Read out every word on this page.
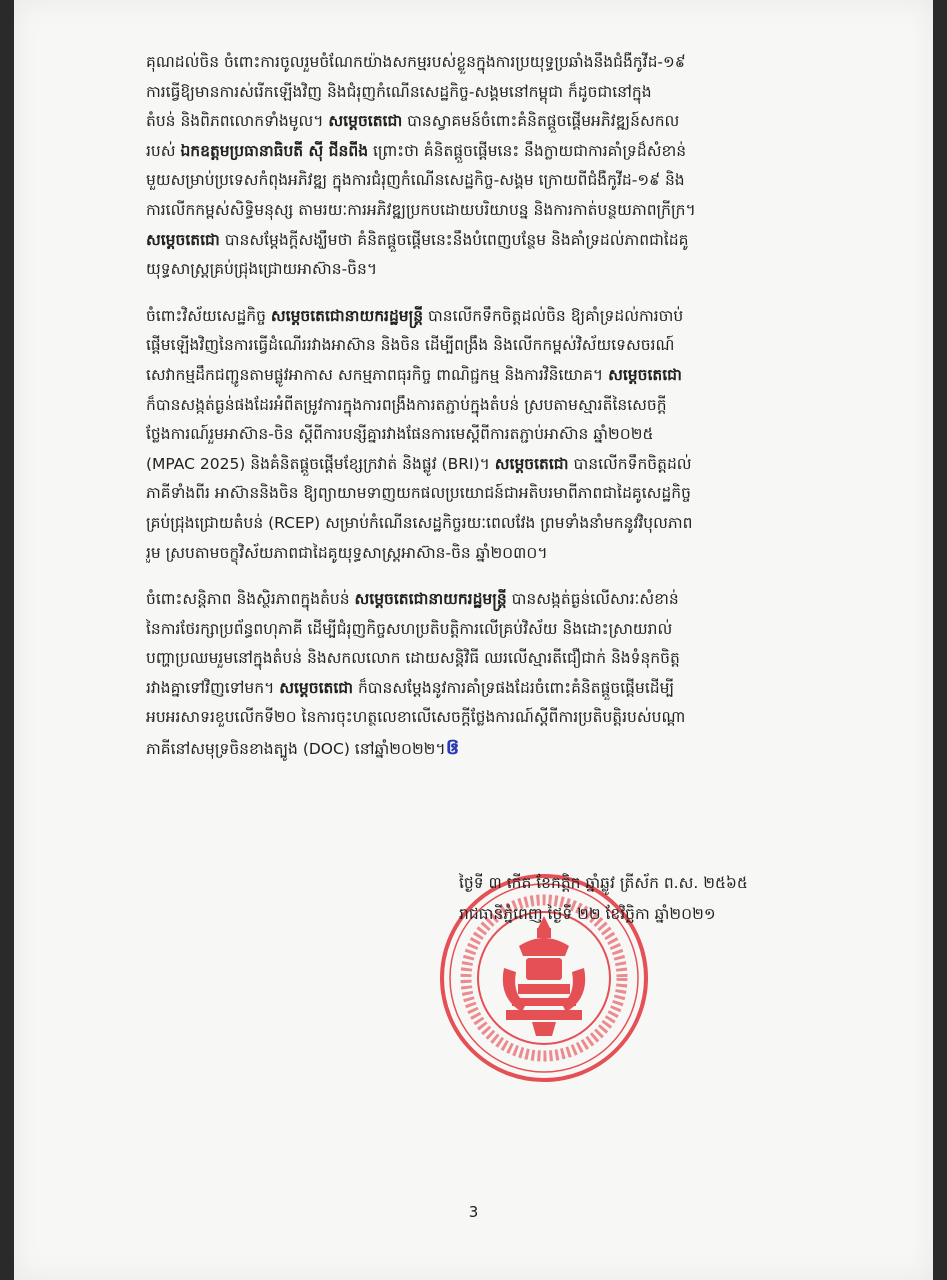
គុណដល់ចិន ចំពោះការចូលរួមចំណែកយ៉ាងសកម្មរបស់ខ្លួនក្នុងការប្រយុទ្ធប្រឆាំងនឹងជំងឺកូវីដ-១៩
ការធ្វើឱ្យមានការស់រើកឡើងវិញ និងជំរុញកំណើនសេដ្ឋកិច្ច-សង្គមនៅកម្ពុជា ក៏ដូចជានៅក្នុង
តំបន់ និងពិភពលោកទាំងមូល។ សម្តេចតេជោ បានស្វាគមន៍ចំពោះគំនិតផ្តួចផ្តើមអភិវឌ្ឍន៍សកល
របស់ ឯកឧត្តមប្រធានាធិបតី ស៊ី ជីនពីង ព្រោះថា គំនិតផ្តួចផ្តើមនេះ នឹងក្លាយជាការគាំទ្រដ៏សំខាន់
មួយសម្រាប់ប្រទេសកំពុងអភិវឌ្ឍ ក្នុងការជំរុញកំណើនសេដ្ឋកិច្ច-សង្គម ក្រោយពីជំងឺកូវីដ-១៩ និង
ការលើកកម្ពស់សិទ្ធិមនុស្ស តាមរយៈការអភិវឌ្ឍប្រកបដោយបរិយាបន្ន និងការកាត់បន្ថយភាពក្រីក្រ។
សម្តេចតេជោ បានសម្តែងក្តីសង្ឃឹមថា គំនិតផ្តួចផ្តើមនេះនឹងបំពេញបន្ថែម និងគាំទ្រដល់ភាពជាដៃគូ
យុទ្ធសាស្ត្រគ្រប់ជ្រុងជ្រោយអាស៊ាន-ចិន។
ចំពោះវិស័យសេដ្ឋកិច្ច សម្តេចតេជោនាយករដ្ឋមន្ត្រី បានលើកទឹកចិត្តដល់ចិន ឱ្យគាំទ្រដល់ការចាប់
ផ្តើមឡើងវិញនៃការធ្វើដំណើររវាងអាស៊ាន និងចិន ដើម្បីពង្រឹង និងលើកកម្ពស់វិស័យទេសចរណ៍
សេវាកម្មដឹកជញ្ជូនតាមផ្លូវអាកាស សកម្មភាពធុរកិច្ច ពាណិជ្ជកម្ម និងការវិនិយោគ។ សម្តេចតេជោ
ក៏បានសង្កត់ធ្ងន់ផងដែរអំពីតម្រូវការក្នុងការពង្រឹងការតភ្ជាប់ក្នុងតំបន់ ស្របតាមស្មារតីនៃសេចក្តី
ថ្លែងការណ៍រួមអាស៊ាន-ចិន ស្តីពីការបន្សីគ្នារវាងផែនការមេស្តីពីការតភ្ជាប់អាស៊ាន ឆ្នាំ២០២៥
(MPAC 2025) និងគំនិតផ្តួចផ្តើមខ្សែក្រវាត់ និងផ្លូវ (BRI)។ សម្តេចតេជោ បានលើកទឹកចិត្តដល់
ភាគីទាំងពីរ អាស៊ាននិងចិន ឱ្យព្យាយាមទាញយកផលប្រយោជន៍ជាអតិបរមាពីភាពជាដៃគូសេដ្ឋកិច្ច
គ្រប់ជ្រុងជ្រោយតំបន់ (RCEP) សម្រាប់កំណើនសេដ្ឋកិច្ចរយៈពេលវែង ព្រមទាំងនាំមកនូវវិបុលភាព
រួម ស្របតាមចក្ខុវិស័យភាពជាដៃគូយុទ្ធសាស្ត្រអាស៊ាន-ចិន ឆ្នាំ២០៣០។
ចំពោះសន្តិភាព និងស្ថិរភាពក្នុងតំបន់ សម្តេចតេជោនាយករដ្ឋមន្ត្រី បានសង្កត់ធ្ងន់លើសារៈសំខាន់
នៃការថែរក្សាប្រព័ន្ធពហុភាគី ដើម្បីជំរុញកិច្ចសហប្រតិបត្តិការលើគ្រប់វិស័យ និងដោះស្រាយរាល់
បញ្ហាប្រឈមរួមនៅក្នុងតំបន់ និងសកលលោក ដោយសន្តិវិធី ឈរលើស្មារតីជឿជាក់ និងទំនុកចិត្ត
រវាងគ្នាទៅវិញទៅមក។ សម្តេចតេជោ ក៏បានសម្តែងនូវការគាំទ្រផងដែរចំពោះគំនិតផ្តួចផ្តើមដើម្បី
អបអរសាទរខួបលើកទី២០ នៃការចុះហត្ថលេខាលើសេចក្តីថ្លែងការណ៍ស្តីពីការប្រតិបត្តិរបស់បណ្តា
ភាគីនៅសមុទ្រចិនខាងត្បូង (DOC) នៅឆ្នាំ២០២២។ឲ
ថ្ងៃទី ៣ កើត ខែកត្តិក ឆ្នាំឆ្លូវ ត្រីស័ក ព.ស. ២៥៦៥
រាជធានីភ្នំពេញ ថ្ងៃទី ២២ ខែវិច្ឆិកា ឆ្នាំ២០២១
3
